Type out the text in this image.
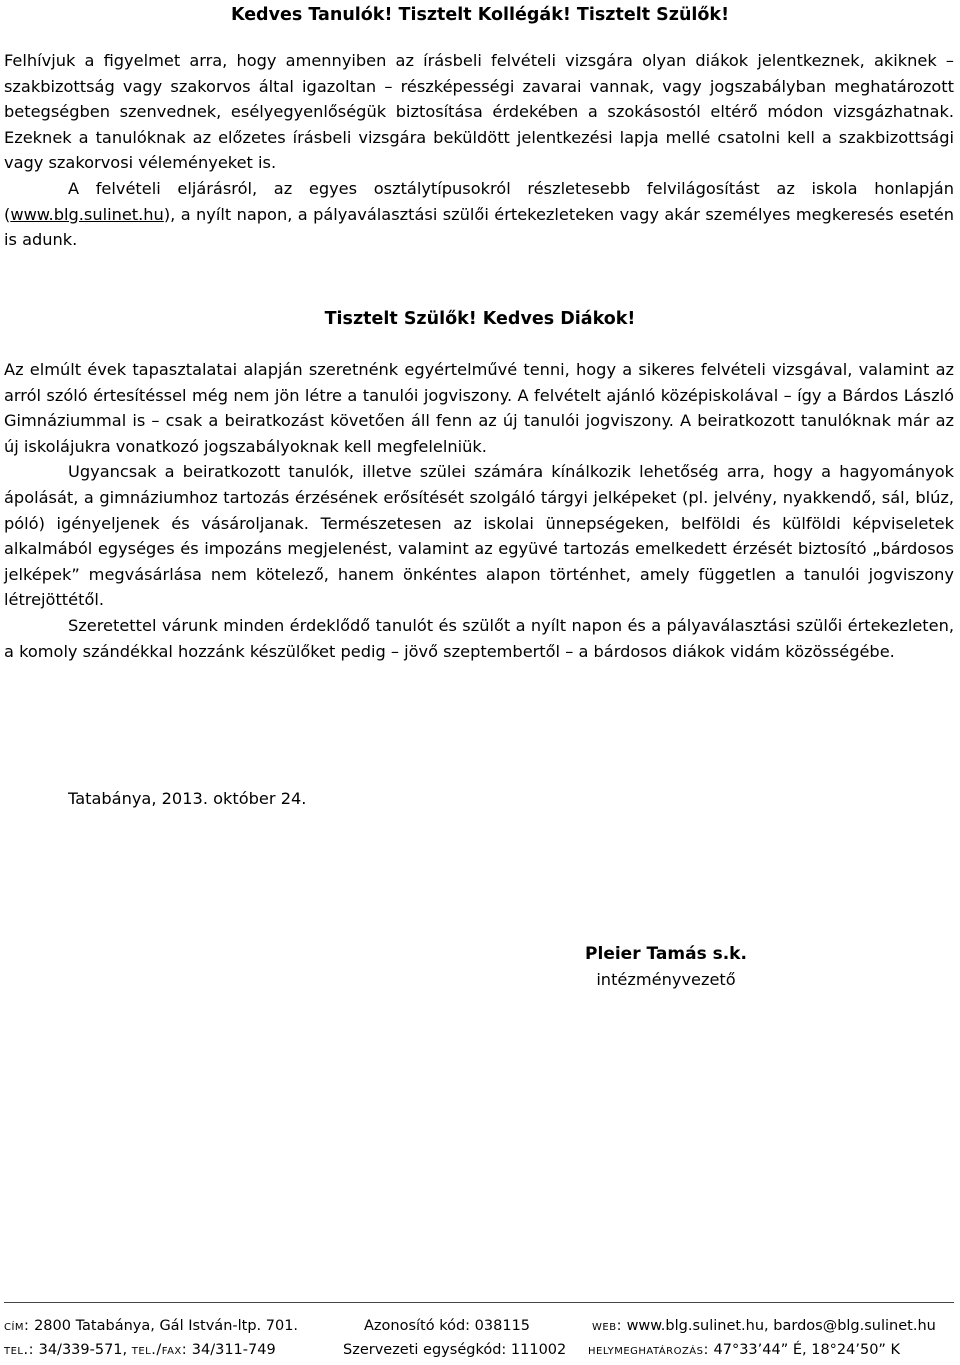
Kedves Tanulók! Tisztelt Kollégák! Tisztelt Szülők!

Felhívjuk a figyelmet arra, hogy amennyiben az írásbeli felvételi vizsgára olyan diákok jelentkeznek, akiknek – szakbizottság vagy szakorvos által igazoltan – részképességi zavarai vannak, vagy jogszabályban meghatározott betegségben szenvednek, esélyegyenlőségük biztosítása érdekében a szokásostól eltérő módon vizsgázhatnak. Ezeknek a tanulóknak az előzetes írásbeli vizsgára beküldött jelentkezési lapja mellé csatolni kell a szakbizottsági vagy szakorvosi véleményeket is.

A felvételi eljárásról, az egyes osztálytípusokról részletesebb felvilágosítást az iskola honlapján (www.blg.sulinet.hu), a nyílt napon, a pályaválasztási szülői értekezleteken vagy akár személyes megkeresés esetén is adunk.

Tisztelt Szülők! Kedves Diákok!

Az elmúlt évek tapasztalatai alapján szeretnénk egyértelművé tenni, hogy a sikeres felvételi vizsgával, valamint az arról szóló értesítéssel még nem jön létre a tanulói jogviszony. A felvételt ajánló középiskolával – így a Bárdos László Gimnáziummal is – csak a beiratkozást követően áll fenn az új tanulói jogviszony. A beiratkozott tanulóknak már az új iskolájukra vonatkozó jogszabályoknak kell megfelelniük.

Ugyancsak a beiratkozott tanulók, illetve szülei számára kínálkozik lehetőség arra, hogy a hagyományok ápolását, a gimnáziumhoz tartozás érzésének erősítését szolgáló tárgyi jelképeket (pl. jelvény, nyakkendő, sál, blúz, póló) igényeljenek és vásároljanak. Természetesen az iskolai ünnepségeken, belföldi és külföldi képviseletek alkalmából egységes és impozáns megjelenést, valamint az együvé tartozás emelkedett érzését biztosító „bárdosos jelképek” megvásárlása nem kötelező, hanem önkéntes alapon történhet, amely független a tanulói jogviszony létrejöttétől.

Szeretettel várunk minden érdeklődő tanulót és szülőt a nyílt napon és a pályaválasztási szülői értekezleten, a komoly szándékkal hozzánk készülőket pedig – jövő szeptembertől – a bárdosos diákok vidám közösségébe.

Tatabánya, 2013. október 24.
Pleier Tamás s.k.
intézményvezető
cím: 2800 Tatabánya, Gál István-ltp. 701.	Azonosító kód: 038115	web: www.blg.sulinet.hu, bardos@blg.sulinet.hu
tel.: 34/339-571, tel./fax: 34/311-749	Szervezeti egységkód: 111002 helymeghatározás: 47°33’44” É, 18°24’50” K
